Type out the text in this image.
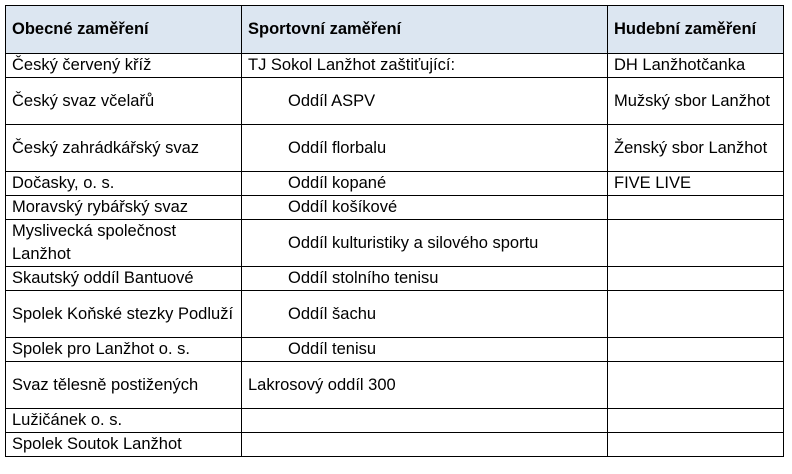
Obecné zaměření	Sportovní zaměření	Hudební zaměření
Český červený kříž	TJ Sokol Lanžhot zaštiťující:	DH Lanžhotčanka
Český svaz včelařů	Oddíl ASPV	Mužský sbor Lanžhot
Český zahrádkářský svaz	Oddíl florbalu	Ženský sbor Lanžhot
Dočasky, o. s.	Oddíl kopané	FIVE LIVE
Moravský rybářský svaz	Oddíl košíkové	
Myslivecká společnost Lanžhot	Oddíl kulturistiky a silového sportu	
Skautský oddíl Bantuové	Oddíl stolního tenisu	
Spolek Koňské stezky Podluží	Oddíl šachu	
Spolek pro Lanžhot o. s.	Oddíl tenisu	
Svaz tělesně postižených	Lakrosový oddíl 300	
Lužičánek o. s.		
Spolek Soutok Lanžhot		
